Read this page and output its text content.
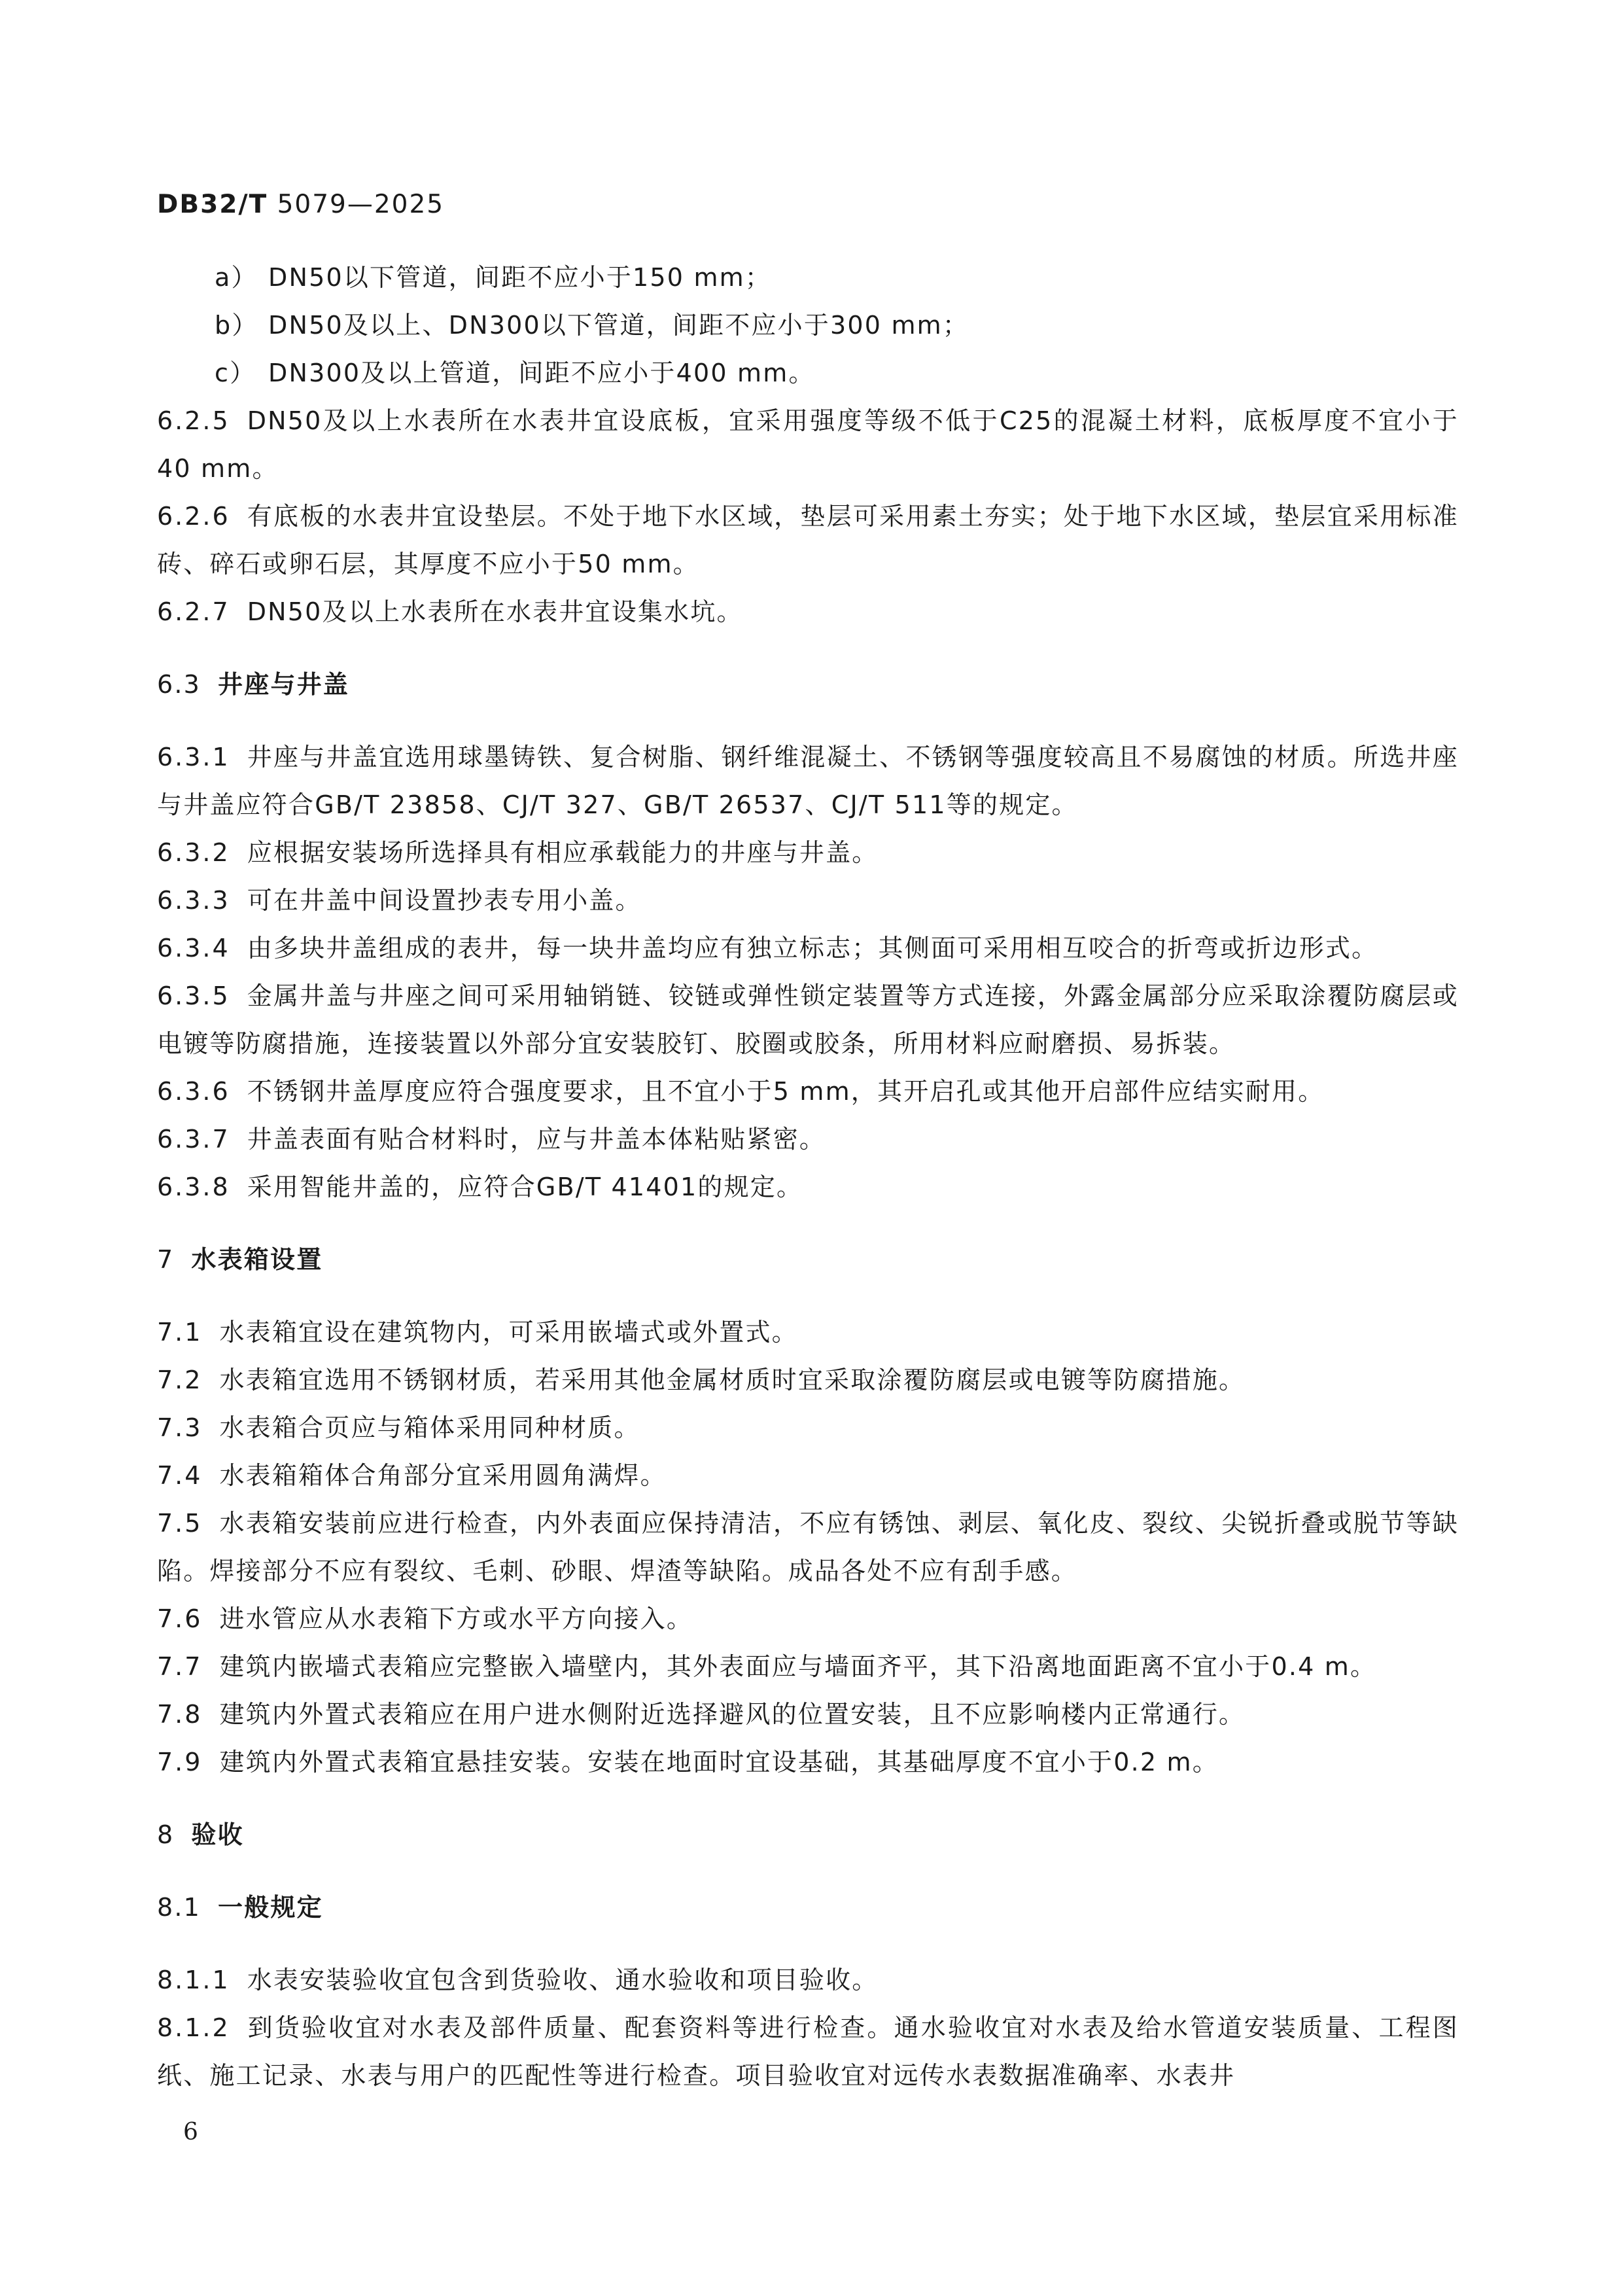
DB32/T 5079—2025

a） DN50以下管道，间距不应小于150 mm；

b） DN50及以上、DN300以下管道，间距不应小于300 mm；

c） DN300及以上管道，间距不应小于400 mm。

6.2.5 DN50及以上水表所在水表井宜设底板，宜采用强度等级不低于C25的混凝土材料，底板厚度不宜小于40 mm。

6.2.6 有底板的水表井宜设垫层。不处于地下水区域，垫层可采用素土夯实；处于地下水区域，垫层宜采用标准砖、碎石或卵石层，其厚度不应小于50 mm。

6.2.7 DN50及以上水表所在水表井宜设集水坑。

6.3 井座与井盖

6.3.1 井座与井盖宜选用球墨铸铁、复合树脂、钢纤维混凝土、不锈钢等强度较高且不易腐蚀的材质。所选井座与井盖应符合GB/T 23858、CJ/T 327、GB/T 26537、CJ/T 511等的规定。

6.3.2 应根据安装场所选择具有相应承载能力的井座与井盖。

6.3.3 可在井盖中间设置抄表专用小盖。

6.3.4 由多块井盖组成的表井，每一块井盖均应有独立标志；其侧面可采用相互咬合的折弯或折边形式。

6.3.5 金属井盖与井座之间可采用轴销链、铰链或弹性锁定装置等方式连接，外露金属部分应采取涂覆防腐层或电镀等防腐措施，连接装置以外部分宜安装胶钉、胶圈或胶条，所用材料应耐磨损、易拆装。

6.3.6 不锈钢井盖厚度应符合强度要求，且不宜小于5 mm，其开启孔或其他开启部件应结实耐用。

6.3.7 井盖表面有贴合材料时，应与井盖本体粘贴紧密。

6.3.8 采用智能井盖的，应符合GB/T 41401的规定。

7 水表箱设置

7.1 水表箱宜设在建筑物内，可采用嵌墙式或外置式。

7.2 水表箱宜选用不锈钢材质，若采用其他金属材质时宜采取涂覆防腐层或电镀等防腐措施。

7.3 水表箱合页应与箱体采用同种材质。

7.4 水表箱箱体合角部分宜采用圆角满焊。

7.5 水表箱安装前应进行检查，内外表面应保持清洁，不应有锈蚀、剥层、氧化皮、裂纹、尖锐折叠或脱节等缺陷。焊接部分不应有裂纹、毛刺、砂眼、焊渣等缺陷。成品各处不应有刮手感。

7.6 进水管应从水表箱下方或水平方向接入。

7.7 建筑内嵌墙式表箱应完整嵌入墙壁内，其外表面应与墙面齐平，其下沿离地面距离不宜小于0.4 m。

7.8 建筑内外置式表箱应在用户进水侧附近选择避风的位置安装，且不应影响楼内正常通行。

7.9 建筑内外置式表箱宜悬挂安装。安装在地面时宜设基础，其基础厚度不宜小于0.2 m。

8 验收

8.1 一般规定

8.1.1 水表安装验收宜包含到货验收、通水验收和项目验收。

8.1.2 到货验收宜对水表及部件质量、配套资料等进行检查。通水验收宜对水表及给水管道安装质量、工程图纸、施工记录、水表与用户的匹配性等进行检查。项目验收宜对远传水表数据准确率、水表井

6
